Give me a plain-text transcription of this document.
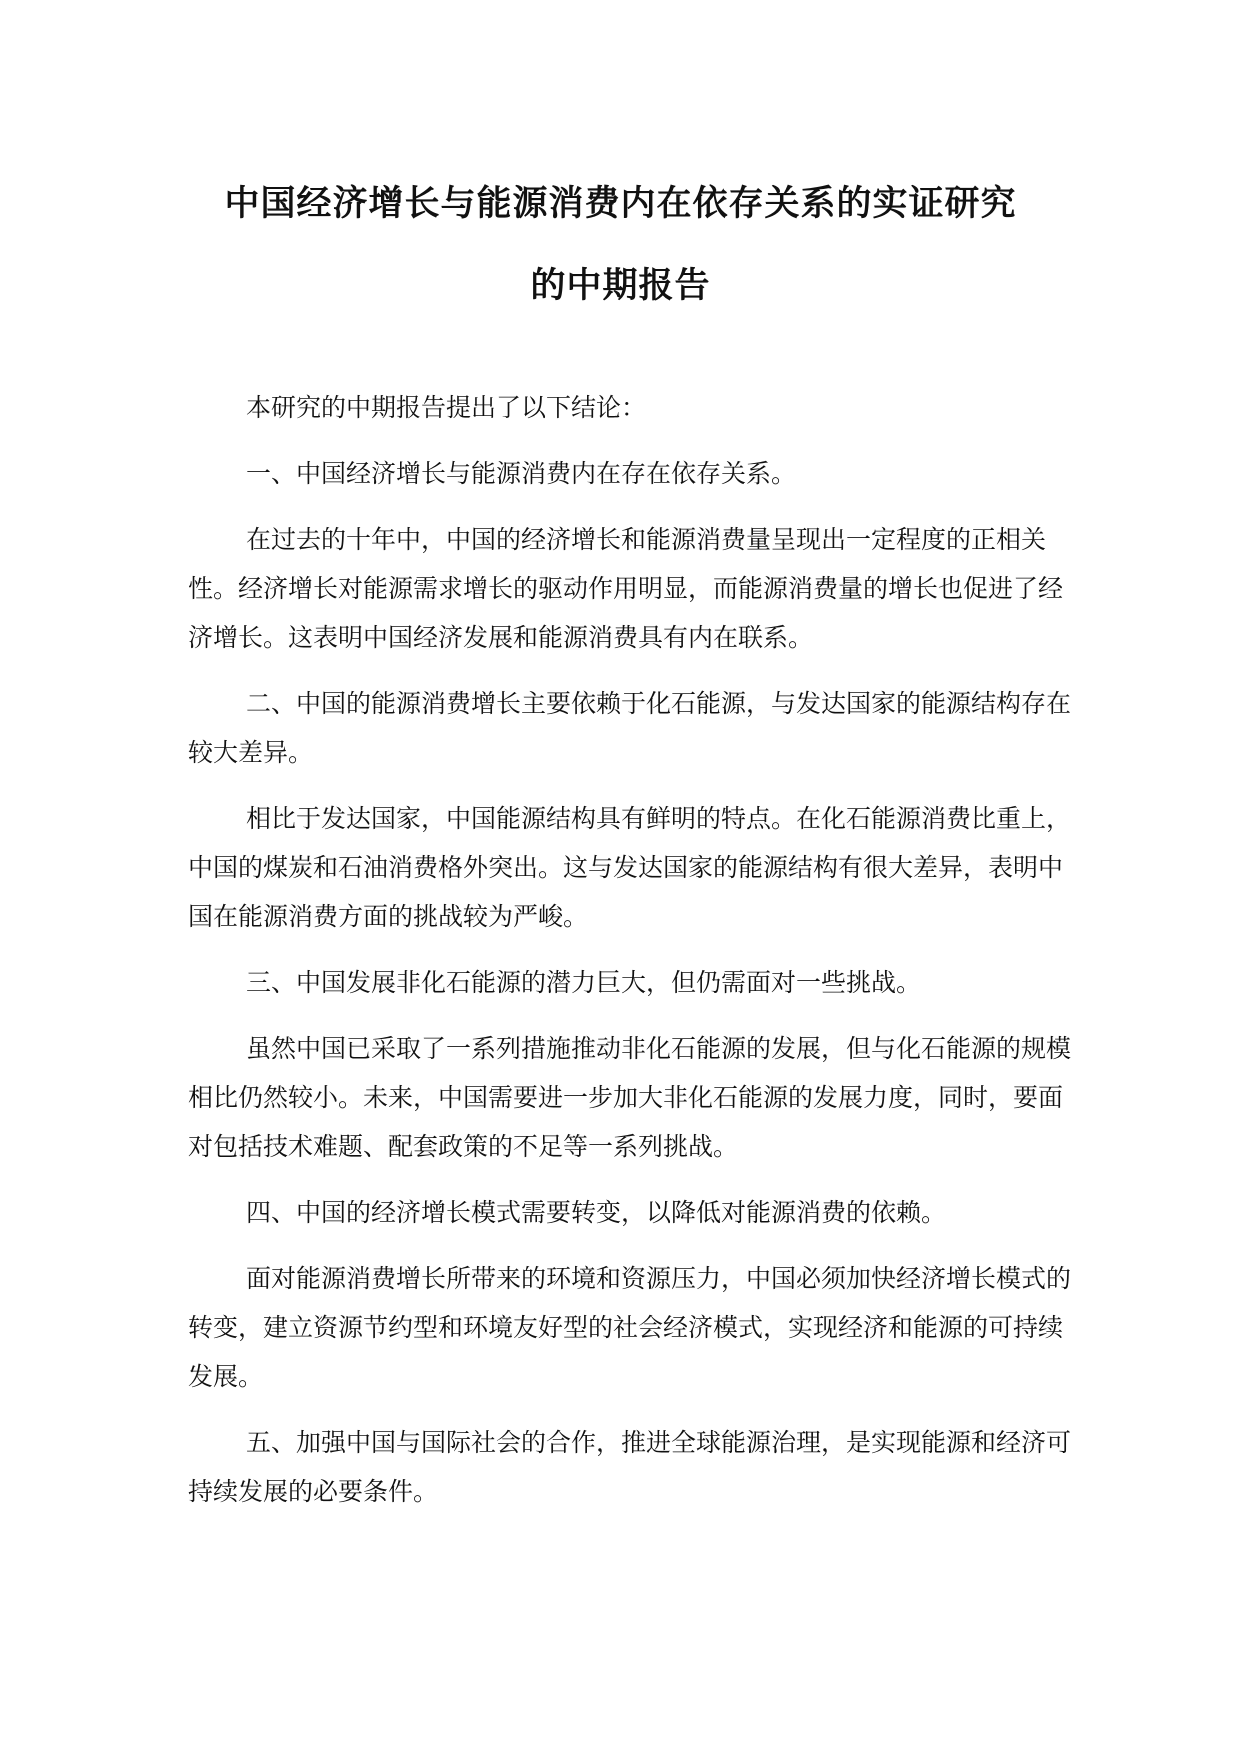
中国经济增长与能源消费内在依存关系的实证研究
的中期报告

本研究的中期报告提出了以下结论：

一、中国经济增长与能源消费内在存在依存关系。

在过去的十年中，中国的经济增长和能源消费量呈现出一定程度的正相关性。经济增长对能源需求增长的驱动作用明显，而能源消费量的增长也促进了经济增长。这表明中国经济发展和能源消费具有内在联系。

二、中国的能源消费增长主要依赖于化石能源，与发达国家的能源结构存在较大差异。

相比于发达国家，中国能源结构具有鲜明的特点。在化石能源消费比重上，中国的煤炭和石油消费格外突出。这与发达国家的能源结构有很大差异，表明中国在能源消费方面的挑战较为严峻。

三、中国发展非化石能源的潜力巨大，但仍需面对一些挑战。

虽然中国已采取了一系列措施推动非化石能源的发展，但与化石能源的规模相比仍然较小。未来，中国需要进一步加大非化石能源的发展力度，同时，要面对包括技术难题、配套政策的不足等一系列挑战。

四、中国的经济增长模式需要转变，以降低对能源消费的依赖。

面对能源消费增长所带来的环境和资源压力，中国必须加快经济增长模式的转变，建立资源节约型和环境友好型的社会经济模式，实现经济和能源的可持续发展。

五、加强中国与国际社会的合作，推进全球能源治理，是实现能源和经济可持续发展的必要条件。
